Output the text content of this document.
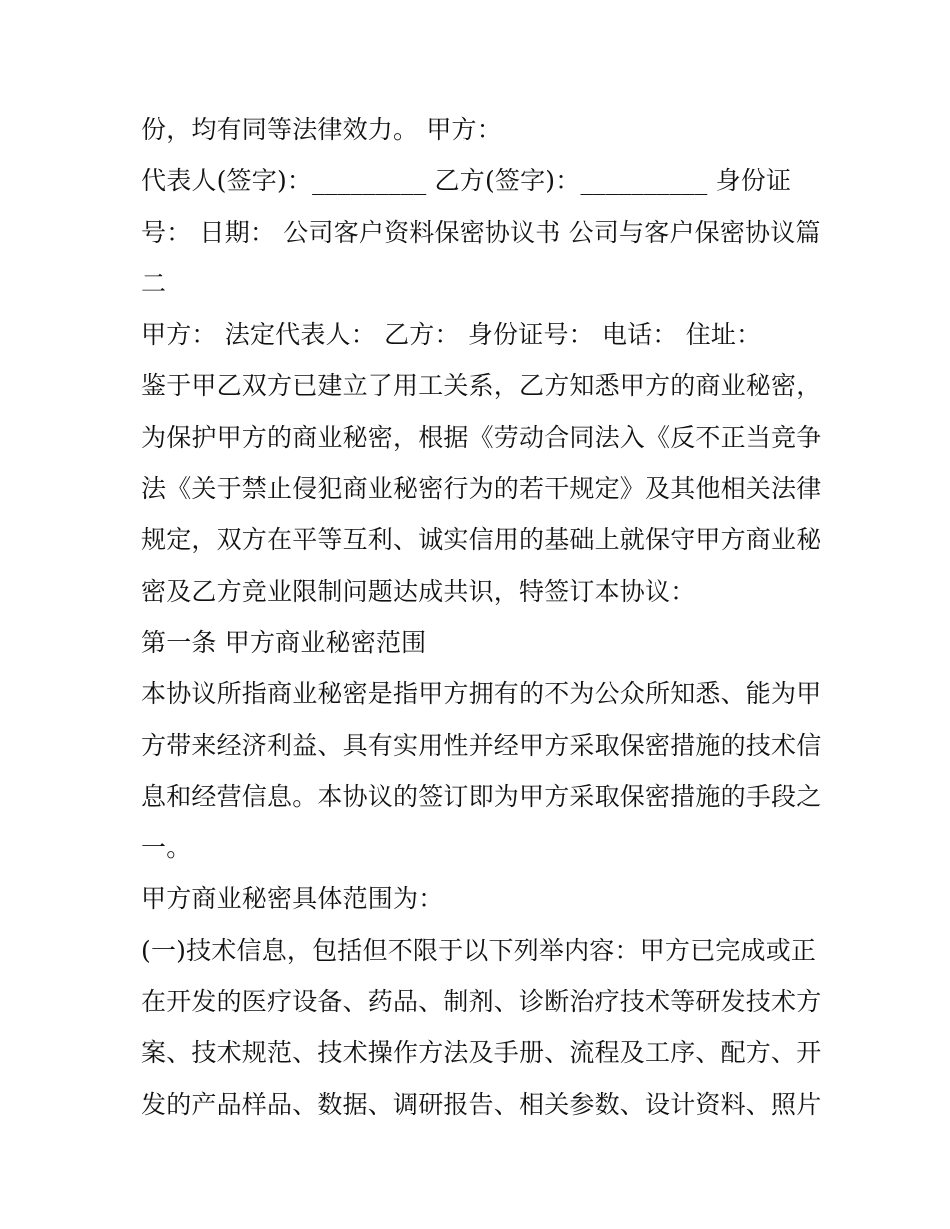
份，均有同等法律效力。 甲方：
代表人(签字)：_________ 乙方(签字)：__________ 身份证
号： 日期： 公司客户资料保密协议书 公司与客户保密协议篇
二
甲方： 法定代表人： 乙方： 身份证号： 电话： 住址：
鉴于甲乙双方已建立了用工关系，乙方知悉甲方的商业秘密，
为保护甲方的商业秘密，根据《劳动合同法入《反不正当竞争
法《关于禁止侵犯商业秘密行为的若干规定》及其他相关法律
规定，双方在平等互利、诚实信用的基础上就保守甲方商业秘
密及乙方竞业限制问题达成共识，特签订本协议：
第一条 甲方商业秘密范围
本协议所指商业秘密是指甲方拥有的不为公众所知悉、能为甲
方带来经济利益、具有实用性并经甲方采取保密措施的技术信
息和经营信息。本协议的签订即为甲方采取保密措施的手段之
一。
甲方商业秘密具体范围为：
(一)技术信息，包括但不限于以下列举内容：甲方已完成或正
在开发的医疗设备、药品、制剂、诊断治疗技术等研发技术方
案、技术规范、技术操作方法及手册、流程及工序、配方、开
发的产品样品、数据、调研报告、相关参数、设计资料、照片
